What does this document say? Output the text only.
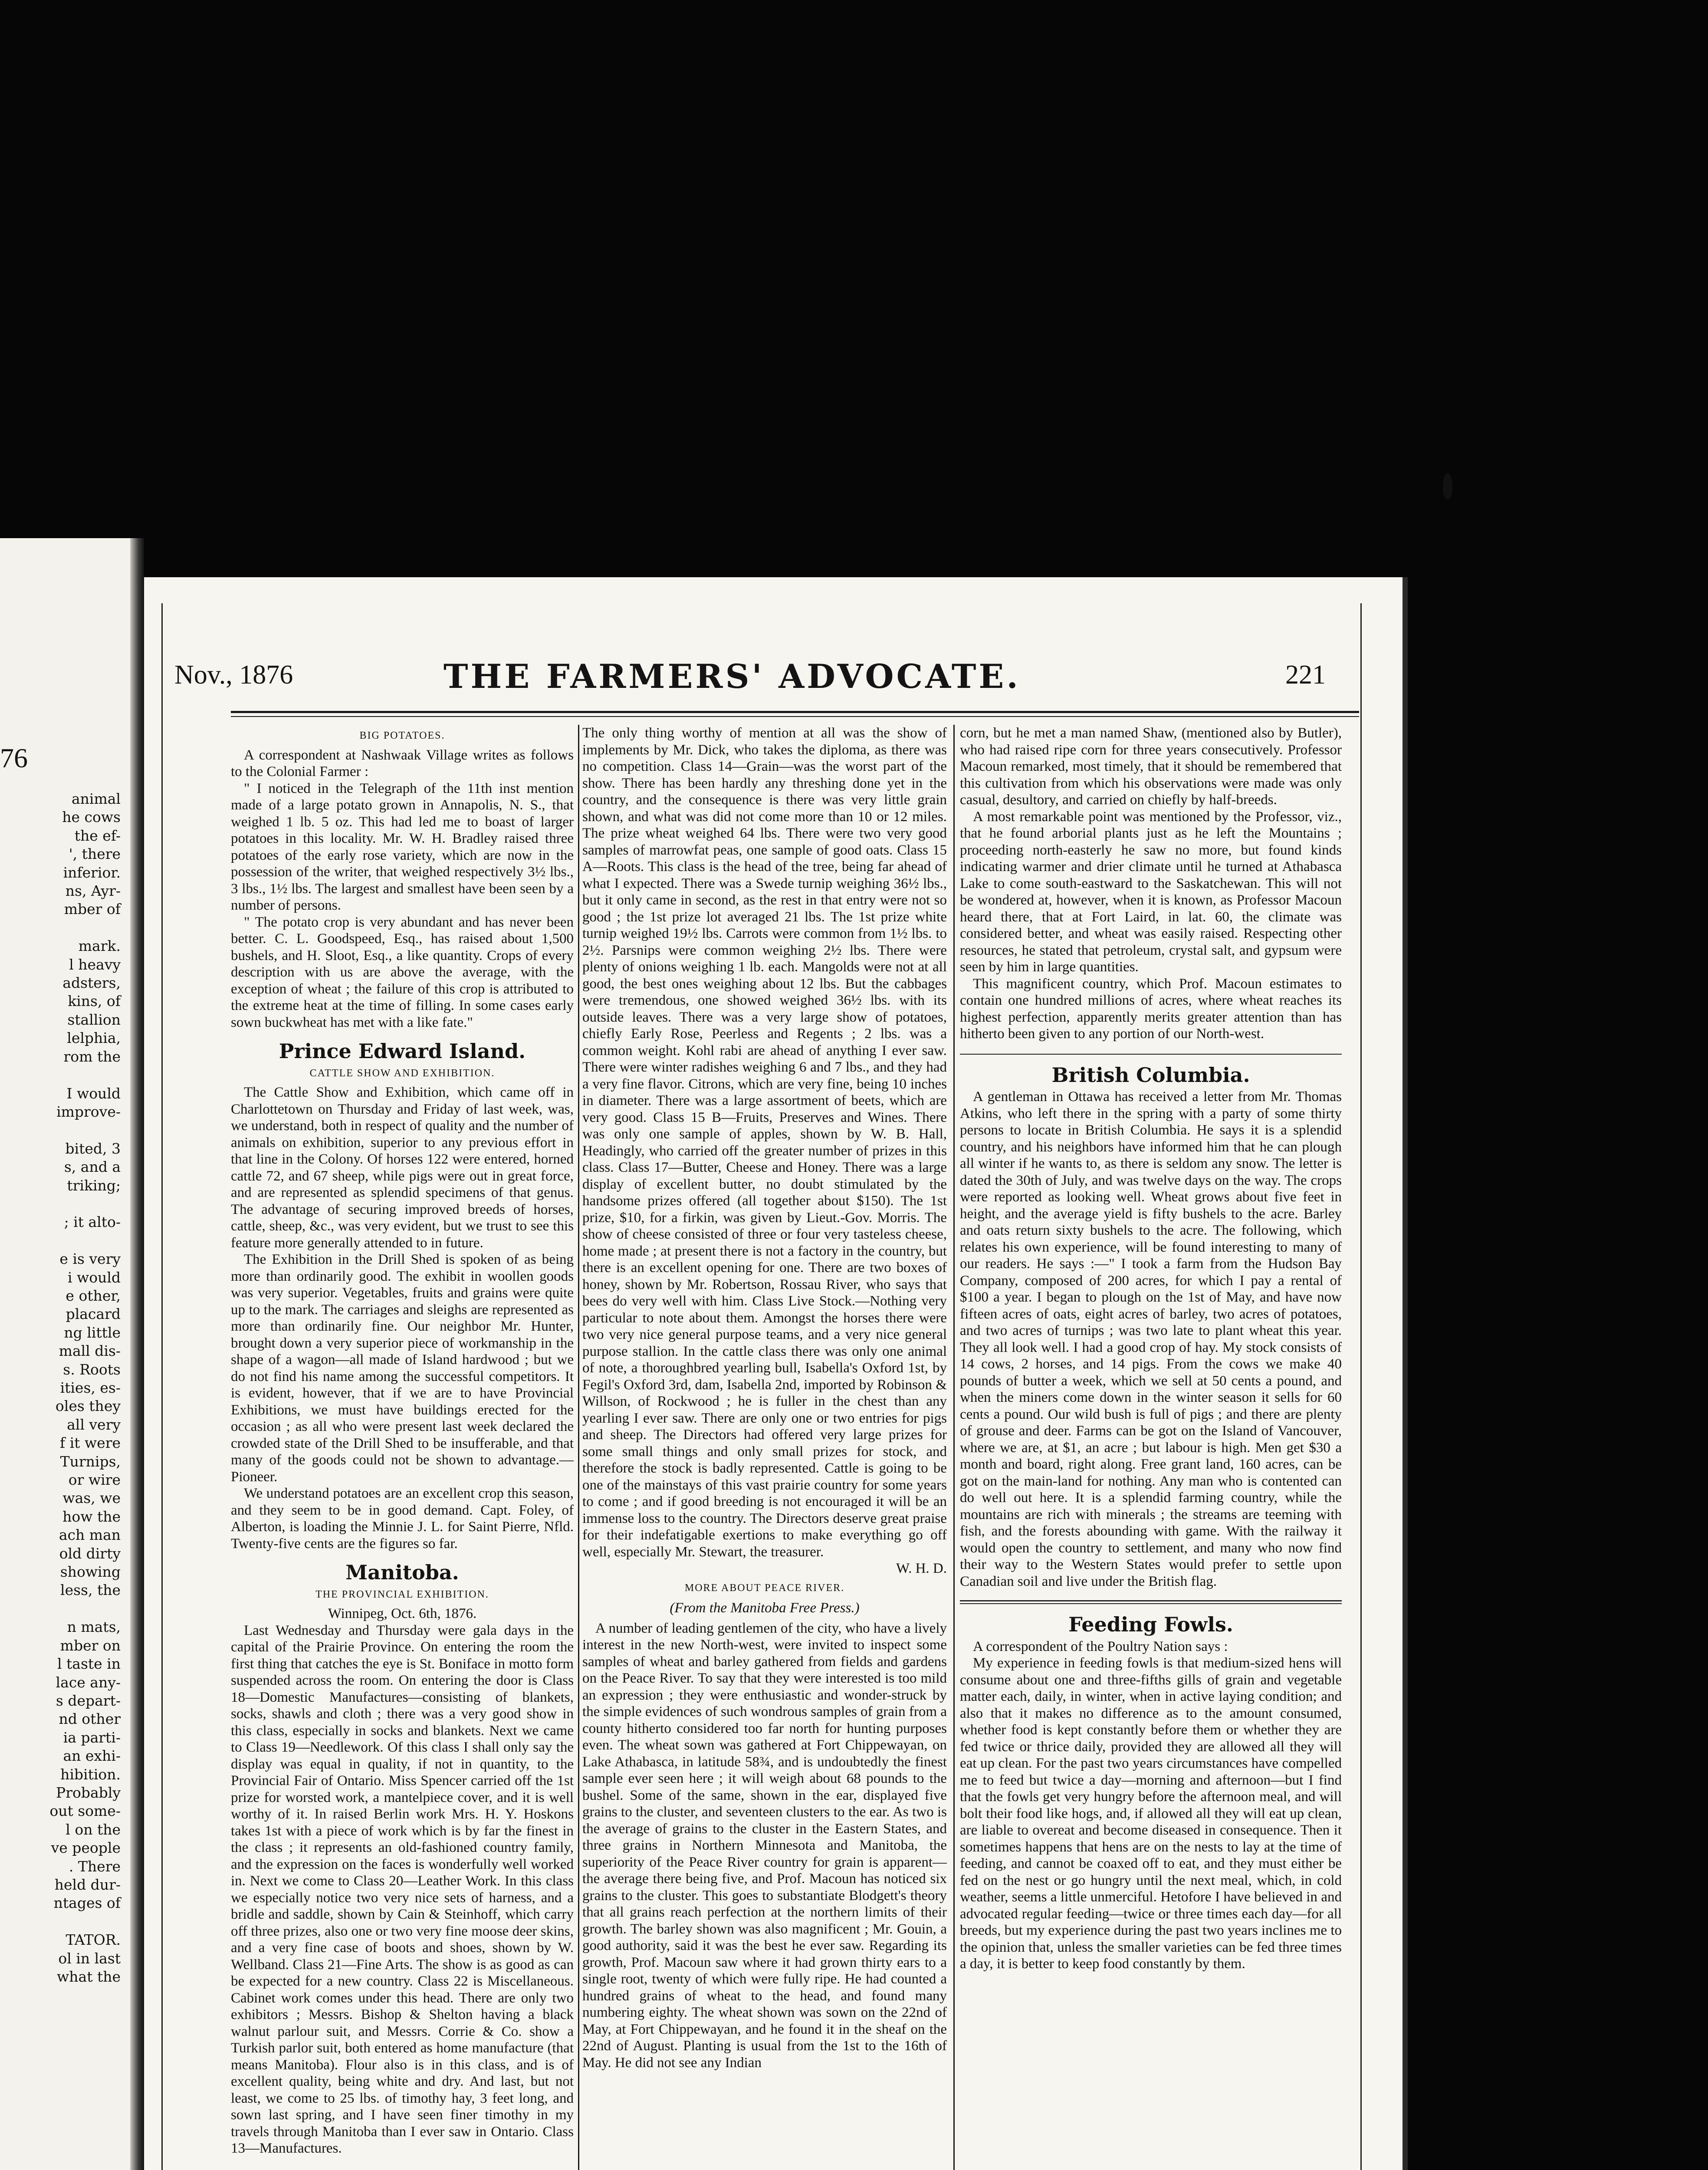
76
animal
he cows
the ef-
', there
inferior.
ns, Ayr-
mber of

mark.
l heavy
adsters,
kins, of
stallion
lelphia,
rom the

I would
improve-

bited, 3
s, and a
triking;

; it alto-

e is very
i would
e other,
placard
ng little
mall dis-
s. Roots
ities, es-
oles they
all very
f it were
Turnips,
or wire
was, we
how the
ach man
old dirty
showing
less, the

n mats,
mber on
l taste in
lace any-
s depart-
nd other
ia parti-
an exhi-
hibition.
Probably
out some-
l on the
ve people
. There
held dur-
ntages of

TATOR.
ol in last
what the
Nov., 1876	THE FARMERS' ADVOCATE.	221
BIG POTATOES.

A correspondent at Nashwaak Village writes as follows to the Colonial Farmer :

" I noticed in the Telegraph of the 11th inst mention made of a large potato grown in Annapolis, N. S., that weighed 1 lb. 5 oz. This had led me to boast of larger potatoes in this locality. Mr. W. H. Bradley raised three potatoes of the early rose variety, which are now in the possession of the writer, that weighed respectively 3½ lbs., 3 lbs., 1½ lbs. The largest and smallest have been seen by a number of persons.

" The potato crop is very abundant and has never been better. C. L. Goodspeed, Esq., has raised about 1,500 bushels, and H. Sloot, Esq., a like quantity. Crops of every description with us are above the average, with the exception of wheat ; the failure of this crop is attributed to the extreme heat at the time of filling. In some cases early sown buckwheat has met with a like fate."

Prince Edward Island.
CATTLE SHOW AND EXHIBITION.

The Cattle Show and Exhibition, which came off in Charlottetown on Thursday and Friday of last week, was, we understand, both in respect of quality and the number of animals on exhibition, superior to any previous effort in that line in the Colony. Of horses 122 were entered, horned cattle 72, and 67 sheep, while pigs were out in great force, and are represented as splendid specimens of that genus. The advantage of securing improved breeds of horses, cattle, sheep, &c., was very evident, but we trust to see this feature more generally attended to in future.

The Exhibition in the Drill Shed is spoken of as being more than ordinarily good. The exhibit in woollen goods was very superior. Vegetables, fruits and grains were quite up to the mark. The carriages and sleighs are represented as more than ordinarily fine. Our neighbor Mr. Hunter, brought down a very superior piece of workmanship in the shape of a wagon—all made of Island hardwood ; but we do not find his name among the successful competitors. It is evident, however, that if we are to have Provincial Exhibitions, we must have buildings erected for the occasion ; as all who were present last week declared the crowded state of the Drill Shed to be insufferable, and that many of the goods could not be shown to advantage.— Pioneer.

We understand potatoes are an excellent crop this season, and they seem to be in good demand. Capt. Foley, of Alberton, is loading the Minnie J. L. for Saint Pierre, Nfld. Twenty-five cents are the figures so far.

Manitoba.
THE PROVINCIAL EXHIBITION.

Winnipeg, Oct. 6th, 1876.

Last Wednesday and Thursday were gala days in the capital of the Prairie Province. On entering the room the first thing that catches the eye is St. Boniface in motto form suspended across the room. On entering the door is Class 18—Domestic Manufactures—consisting of blankets, socks, shawls and cloth ; there was a very good show in this class, especially in socks and blankets. Next we came to Class 19—Needlework. Of this class I shall only say the display was equal in quality, if not in quantity, to the Provincial Fair of Ontario. Miss Spencer carried off the 1st prize for worsted work, a mantelpiece cover, and it is well worthy of it. In raised Berlin work Mrs. H. Y. Hoskons takes 1st with a piece of work which is by far the finest in the class ; it represents an old-fashioned country family, and the expression on the faces is wonderfully well worked in. Next we come to Class 20—Leather Work. In this class we especially notice two very nice sets of harness, and a bridle and saddle, shown by Cain & Steinhoff, which carry off three prizes, also one or two very fine moose deer skins, and a very fine case of boots and shoes, shown by W. Wellband. Class 21—Fine Arts. The show is as good as can be expected for a new country. Class 22 is Miscellaneous. Cabinet work comes under this head. There are only two exhibitors ; Messrs. Bishop & Shelton having a black walnut parlour suit, and Messrs. Corrie & Co. show a Turkish parlor suit, both entered as home manufacture (that means Manitoba). Flour also is in this class, and is of excellent quality, being white and dry. And last, but not least, we come to 25 lbs. of timothy hay, 3 feet long, and sown last spring, and I have seen finer timothy in my travels through Manitoba than I ever saw in Ontario. Class 13—Manufactures.

The only thing worthy of mention at all was the show of implements by Mr. Dick, who takes the diploma, as there was no competition. Class 14—Grain—was the worst part of the show. There has been hardly any threshing done yet in the country, and the consequence is there was very little grain shown, and what was did not come more than 10 or 12 miles. The prize wheat weighed 64 lbs. There were two very good samples of marrowfat peas, one sample of good oats. Class 15 A—Roots. This class is the head of the tree, being far ahead of what I expected. There was a Swede turnip weighing 36½ lbs., but it only came in second, as the rest in that entry were not so good ; the 1st prize lot averaged 21 lbs. The 1st prize white turnip weighed 19½ lbs. Carrots were common from 1½ lbs. to 2½. Parsnips were common weighing 2½ lbs. There were plenty of onions weighing 1 lb. each. Mangolds were not at all good, the best ones weighing about 12 lbs. But the cabbages were tremendous, one showed weighed 36½ lbs. with its outside leaves. There was a very large show of potatoes, chiefly Early Rose, Peerless and Regents ; 2 lbs. was a common weight. Kohl rabi are ahead of anything I ever saw. There were winter radishes weighing 6 and 7 lbs., and they had a very fine flavor. Citrons, which are very fine, being 10 inches in diameter. There was a large assortment of beets, which are very good. Class 15 B—Fruits, Preserves and Wines. There was only one sample of apples, shown by W. B. Hall, Headingly, who carried off the greater number of prizes in this class. Class 17—Butter, Cheese and Honey. There was a large display of excellent butter, no doubt stimulated by the handsome prizes offered (all together about $150). The 1st prize, $10, for a firkin, was given by Lieut.-Gov. Morris. The show of cheese consisted of three or four very tasteless cheese, home made ; at present there is not a factory in the country, but there is an excellent opening for one. There are two boxes of honey, shown by Mr. Robertson, Rossau River, who says that bees do very well with him. Class Live Stock.—Nothing very particular to note about them. Amongst the horses there were two very nice general purpose teams, and a very nice general purpose stallion. In the cattle class there was only one animal of note, a thoroughbred yearling bull, Isabella's Oxford 1st, by Fegil's Oxford 3rd, dam, Isabella 2nd, imported by Robinson & Willson, of Rockwood ; he is fuller in the chest than any yearling I ever saw. There are only one or two entries for pigs and sheep. The Directors had offered very large prizes for some small things and only small prizes for stock, and therefore the stock is badly represented. Cattle is going to be one of the mainstays of this vast prairie country for some years to come ; and if good breeding is not encouraged it will be an immense loss to the country. The Directors deserve great praise for their indefatigable exertions to make everything go off well, especially Mr. Stewart, the treasurer.

W. H. D.

MORE ABOUT PEACE RIVER.
(From the Manitoba Free Press.)

A number of leading gentlemen of the city, who have a lively interest in the new North-west, were invited to inspect some samples of wheat and barley gathered from fields and gardens on the Peace River. To say that they were interested is too mild an expression ; they were enthusiastic and wonder-struck by the simple evidences of such wondrous samples of grain from a county hitherto considered too far north for hunting purposes even. The wheat sown was gathered at Fort Chippewayan, on Lake Athabasca, in latitude 58¾, and is undoubtedly the finest sample ever seen here ; it will weigh about 68 pounds to the bushel. Some of the same, shown in the ear, displayed five grains to the cluster, and seventeen clusters to the ear. As two is the average of grains to the cluster in the Eastern States, and three grains in Northern Minnesota and Manitoba, the superiority of the Peace River country for grain is apparent—the average there being five, and Prof. Macoun has noticed six grains to the cluster. This goes to substantiate Blodgett's theory that all grains reach perfection at the northern limits of their growth. The barley shown was also magnificent ; Mr. Gouin, a good authority, said it was the best he ever saw. Regarding its growth, Prof. Macoun saw where it had grown thirty ears to a single root, twenty of which were fully ripe. He had counted a hundred grains of wheat to the head, and found many numbering eighty. The wheat shown was sown on the 22nd of May, at Fort Chippewayan, and he found it in the sheaf on the 22nd of August. Planting is usual from the 1st to the 16th of May. He did not see any Indian

corn, but he met a man named Shaw, (mentioned also by Butler), who had raised ripe corn for three years consecutively. Professor Macoun remarked, most timely, that it should be remembered that this cultivation from which his observations were made was only casual, desultory, and carried on chiefly by half-breeds.

A most remarkable point was mentioned by the Professor, viz., that he found arborial plants just as he left the Mountains ; proceeding north-easterly he saw no more, but found kinds indicating warmer and drier climate until he turned at Athabasca Lake to come south-eastward to the Saskatchewan. This will not be wondered at, however, when it is known, as Professor Macoun heard there, that at Fort Laird, in lat. 60, the climate was considered better, and wheat was easily raised. Respecting other resources, he stated that petroleum, crystal salt, and gypsum were seen by him in large quantities.

This magnificent country, which Prof. Macoun estimates to contain one hundred millions of acres, where wheat reaches its highest perfection, apparently merits greater attention than has hitherto been given to any portion of our North-west.

British Columbia.

A gentleman in Ottawa has received a letter from Mr. Thomas Atkins, who left there in the spring with a party of some thirty persons to locate in British Columbia. He says it is a splendid country, and his neighbors have informed him that he can plough all winter if he wants to, as there is seldom any snow. The letter is dated the 30th of July, and was twelve days on the way. The crops were reported as looking well. Wheat grows about five feet in height, and the average yield is fifty bushels to the acre. Barley and oats return sixty bushels to the acre. The following, which relates his own experience, will be found interesting to many of our readers. He says :—" I took a farm from the Hudson Bay Company, composed of 200 acres, for which I pay a rental of $100 a year. I began to plough on the 1st of May, and have now fifteen acres of oats, eight acres of barley, two acres of potatoes, and two acres of turnips ; was two late to plant wheat this year. They all look well. I had a good crop of hay. My stock consists of 14 cows, 2 horses, and 14 pigs. From the cows we make 40 pounds of butter a week, which we sell at 50 cents a pound, and when the miners come down in the winter season it sells for 60 cents a pound. Our wild bush is full of pigs ; and there are plenty of grouse and deer. Farms can be got on the Island of Vancouver, where we are, at $1, an acre ; but labour is high. Men get $30 a month and board, right along. Free grant land, 160 acres, can be got on the main-land for nothing. Any man who is contented can do well out here. It is a splendid farming country, while the mountains are rich with minerals ; the streams are teeming with fish, and the forests abounding with game. With the railway it would open the country to settlement, and many who now find their way to the Western States would prefer to settle upon Canadian soil and live under the British flag.

Feeding Fowls.

A correspondent of the Poultry Nation says :

My experience in feeding fowls is that medium-sized hens will consume about one and three-fifths gills of grain and vegetable matter each, daily, in winter, when in active laying condition; and also that it makes no difference as to the amount consumed, whether food is kept constantly before them or whether they are fed twice or thrice daily, provided they are allowed all they will eat up clean. For the past two years circumstances have compelled me to feed but twice a day—morning and afternoon—but I find that the fowls get very hungry before the afternoon meal, and will bolt their food like hogs, and, if allowed all they will eat up clean, are liable to overeat and become diseased in consequence. Then it sometimes happens that hens are on the nests to lay at the time of feeding, and cannot be coaxed off to eat, and they must either be fed on the nest or go hungry until the next meal, which, in cold weather, seems a little unmerciful. Hetofore I have believed in and advocated regular feeding—twice or three times each day—for all breeds, but my experience during the past two years inclines me to the opinion that, unless the smaller varieties can be fed three times a day, it is better to keep food constantly by them.
